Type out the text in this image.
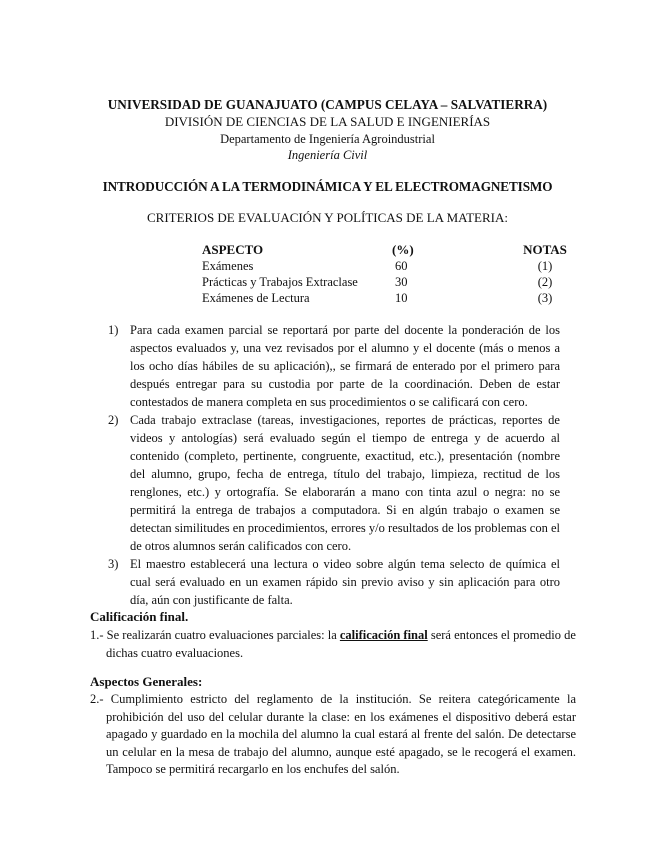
UNIVERSIDAD DE GUANAJUATO (CAMPUS CELAYA – SALVATIERRA)
DIVISIÓN DE CIENCIAS DE LA SALUD E INGENIERÍAS
Departamento de Ingeniería Agroindustrial
Ingeniería Civil
INTRODUCCIÓN A LA TERMODINÁMICA Y EL ELECTROMAGNETISMO
CRITERIOS DE EVALUACIÓN Y POLÍTICAS DE LA MATERIA:
ASPECTO	(%)	NOTAS
Exámenes	60	(1)
Prácticas y Trabajos Extraclase	30	(2)
Exámenes de Lectura	10	(3)
1) Para cada examen parcial se reportará por parte del docente la ponderación de los aspectos evaluados y, una vez revisados por el alumno y el docente (más o menos a los ocho días hábiles de su aplicación),, se firmará de enterado por el primero para después entregar para su custodia por parte de la coordinación. Deben de estar contestados de manera completa en sus procedimientos o se calificará con cero.
2) Cada trabajo extraclase (tareas, investigaciones, reportes de prácticas, reportes de videos y antologías) será evaluado según el tiempo de entrega y de acuerdo al contenido (completo, pertinente, congruente, exactitud, etc.), presentación (nombre del alumno, grupo, fecha de entrega, título del trabajo, limpieza, rectitud de los renglones, etc.) y ortografía. Se elaborarán a mano con tinta azul o negra: no se permitirá la entrega de trabajos a computadora. Si en algún trabajo o examen se detectan similitudes en procedimientos, errores y/o resultados de los problemas con el de otros alumnos serán calificados con cero.
3) El maestro establecerá una lectura o video sobre algún tema selecto de química el cual será evaluado en un examen rápido sin previo aviso y sin aplicación para otro día, aún con justificante de falta.
Calificación final.
1.- Se realizarán cuatro evaluaciones parciales: la calificación final será entonces el promedio de dichas cuatro evaluaciones.
Aspectos Generales:
2.- Cumplimiento estricto del reglamento de la institución. Se reitera categóricamente la prohibición del uso del celular durante la clase: en los exámenes el dispositivo deberá estar apagado y guardado en la mochila del alumno la cual estará al frente del salón. De detectarse un celular en la mesa de trabajo del alumno, aunque esté apagado, se le recogerá el examen. Tampoco se permitirá recargarlo en los enchufes del salón.
